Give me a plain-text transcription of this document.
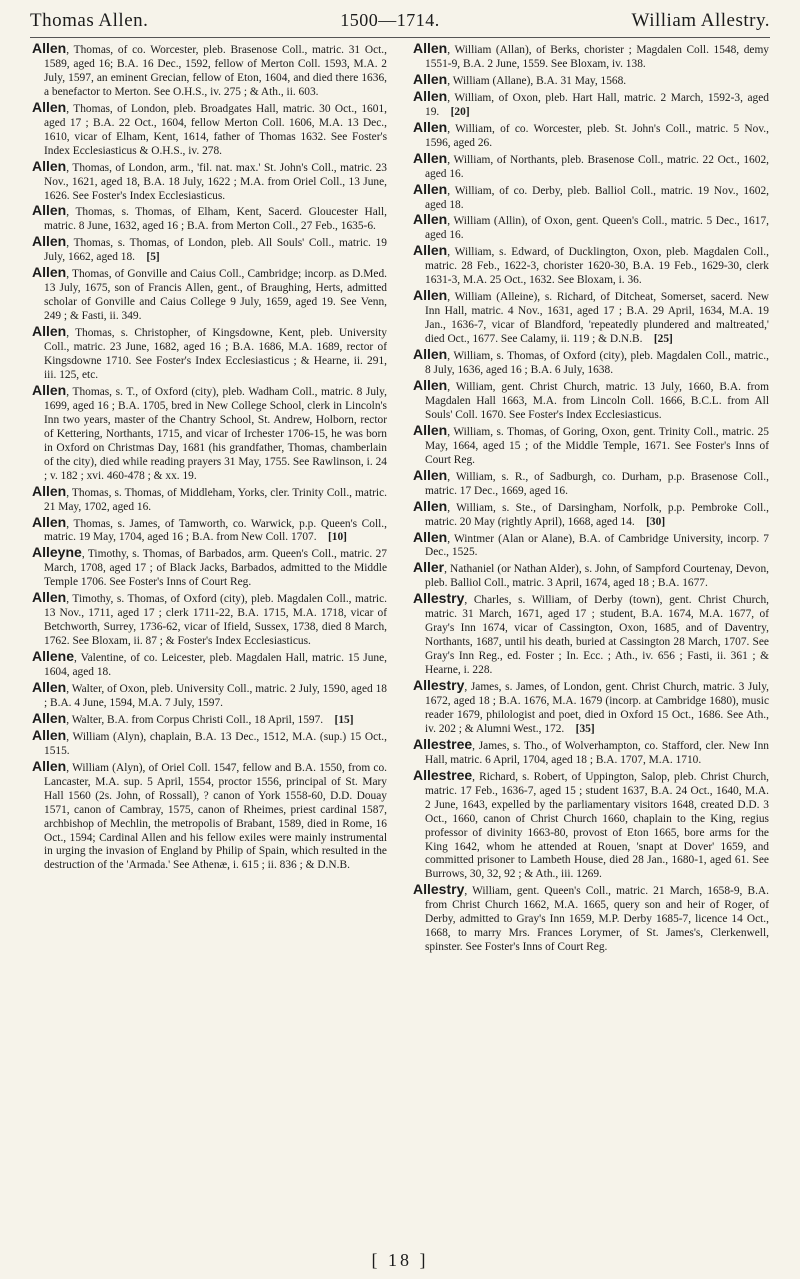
Thomas Allen.	1500—1714.	William Allestry.

Allen, Thomas, of co. Worcester, pleb. Brasenose Coll., matric. 31 Oct., 1589, aged 16; B.A. 16 Dec., 1592, fellow of Merton Coll. 1593, M.A. 2 July, 1597, an eminent Grecian, fellow of Eton, 1604, and died there 1636, a benefactor to Merton. See O.H.S., iv. 275 ; & Ath., ii. 603.

Allen, Thomas, of London, pleb. Broadgates Hall, matric. 30 Oct., 1601, aged 17 ; B.A. 22 Oct., 1604, fellow Merton Coll. 1606, M.A. 13 Dec., 1610, vicar of Elham, Kent, 1614, father of Thomas 1632. See Foster's Index Ecclesiasticus & O.H.S., iv. 278.

Allen, Thomas, of London, arm., 'fil. nat. max.' St. John's Coll., matric. 23 Nov., 1621, aged 18, B.A. 18 July, 1622 ; M.A. from Oriel Coll., 13 June, 1626. See Foster's Index Ecclesiasticus.

Allen, Thomas, s. Thomas, of Elham, Kent, Sacerd. Gloucester Hall, matric. 8 June, 1632, aged 16 ; B.A. from Merton Coll., 27 Feb., 1635-6.

Allen, Thomas, s. Thomas, of London, pleb. All Souls' Coll., matric. 19 July, 1662, aged 18.  [5]

Allen, Thomas, of Gonville and Caius Coll., Cambridge; incorp. as D.Med. 13 July, 1675, son of Francis Allen, gent., of Braughing, Herts, admitted scholar of Gonville and Caius College 9 July, 1659, aged 19. See Venn, 249 ; & Fasti, ii. 349.

Allen, Thomas, s. Christopher, of Kingsdowne, Kent, pleb. University Coll., matric. 23 June, 1682, aged 16 ; B.A. 1686, M.A. 1689, rector of Kingsdowne 1710. See Foster's Index Ecclesiasticus ; & Hearne, ii. 291, iii. 125, etc.

Allen, Thomas, s. T., of Oxford (city), pleb. Wadham Coll., matric. 8 July, 1699, aged 16 ; B.A. 1705, bred in New College School, clerk in Lincoln's Inn two years, master of the Chantry School, St. Andrew, Holborn, rector of Kettering, Northants, 1715, and vicar of Irchester 1706-15, he was born in Oxford on Christmas Day, 1681 (his grandfather, Thomas, chamberlain of the city), died while reading prayers 31 May, 1755. See Rawlinson, i. 24 ; v. 182 ; xvi. 460-478 ; & xx. 19.

Allen, Thomas, s. Thomas, of Middleham, Yorks, cler. Trinity Coll., matric. 21 May, 1702, aged 16.

Allen, Thomas, s. James, of Tamworth, co. Warwick, p.p. Queen's Coll., matric. 19 May, 1704, aged 16 ; B.A. from New Coll. 1707.  [10]

Alleyne, Timothy, s. Thomas, of Barbados, arm. Queen's Coll., matric. 27 March, 1708, aged 17 ; of Black Jacks, Barbados, admitted to the Middle Temple 1706. See Foster's Inns of Court Reg.

Allen, Timothy, s. Thomas, of Oxford (city), pleb. Magdalen Coll., matric. 13 Nov., 1711, aged 17 ; clerk 1711-22, B.A. 1715, M.A. 1718, vicar of Betchworth, Surrey, 1736-62, vicar of Ifield, Sussex, 1738, died 8 March, 1762. See Bloxam, ii. 87 ; & Foster's Index Ecclesiasticus.

Allene, Valentine, of co. Leicester, pleb. Magdalen Hall, matric. 15 June, 1604, aged 18.

Allen, Walter, of Oxon, pleb. University Coll., matric. 2 July, 1590, aged 18 ; B.A. 4 June, 1594, M.A. 7 July, 1597.

Allen, Walter, B.A. from Corpus Christi Coll., 18 April, 1597.  [15]

Allen, William (Alyn), chaplain, B.A. 13 Dec., 1512, M.A. (sup.) 15 Oct., 1515.

Allen, William (Alyn), of Oriel Coll. 1547, fellow and B.A. 1550, from co. Lancaster, M.A. sup. 5 April, 1554, proctor 1556, principal of St. Mary Hall 1560 (2s. John, of Rossall), ? canon of York 1558-60, D.D. Douay 1571, canon of Cambray, 1575, canon of Rheimes, priest cardinal 1587, archbishop of Mechlin, the metropolis of Brabant, 1589, died in Rome, 16 Oct., 1594; Cardinal Allen and his fellow exiles were mainly instrumental in urging the invasion of England by Philip of Spain, which resulted in the destruction of the 'Armada.' See Athenæ, i. 615 ; ii. 836 ; & D.N.B.

Allen, William (Allan), of Berks, chorister ; Magdalen Coll. 1548, demy 1551-9, B.A. 2 June, 1559. See Bloxam, iv. 138.

Allen, William (Allane), B.A. 31 May, 1568.

Allen, William, of Oxon, pleb. Hart Hall, matric. 2 March, 1592-3, aged 19.  [20]

Allen, William, of co. Worcester, pleb. St. John's Coll., matric. 5 Nov., 1596, aged 26.

Allen, William, of Northants, pleb. Brasenose Coll., matric. 22 Oct., 1602, aged 16.

Allen, William, of co. Derby, pleb. Balliol Coll., matric. 19 Nov., 1602, aged 18.

Allen, William (Allin), of Oxon, gent. Queen's Coll., matric. 5 Dec., 1617, aged 16.

Allen, William, s. Edward, of Ducklington, Oxon, pleb. Magdalen Coll., matric. 28 Feb., 1622-3, chorister 1620-30, B.A. 19 Feb., 1629-30, clerk 1631-3, M.A. 25 Oct., 1632. See Bloxam, i. 36.

Allen, William (Alleine), s. Richard, of Ditcheat, Somerset, sacerd. New Inn Hall, matric. 4 Nov., 1631, aged 17 ; B.A. 29 April, 1634, M.A. 19 Jan., 1636-7, vicar of Blandford, 'repeatedly plundered and maltreated,' died Oct., 1677. See Calamy, ii. 119 ; & D.N.B.  [25]

Allen, William, s. Thomas, of Oxford (city), pleb. Magdalen Coll., matric., 8 July, 1636, aged 16 ; B.A. 6 July, 1638.

Allen, William, gent. Christ Church, matric. 13 July, 1660, B.A. from Magdalen Hall 1663, M.A. from Lincoln Coll. 1666, B.C.L. from All Souls' Coll. 1670. See Foster's Index Ecclesiasticus.

Allen, William, s. Thomas, of Goring, Oxon, gent. Trinity Coll., matric. 25 May, 1664, aged 15 ; of the Middle Temple, 1671. See Foster's Inns of Court Reg.

Allen, William, s. R., of Sadburgh, co. Durham, p.p. Brasenose Coll., matric. 17 Dec., 1669, aged 16.

Allen, William, s. Ste., of Darsingham, Norfolk, p.p. Pembroke Coll., matric. 20 May (rightly April), 1668, aged 14.  [30]

Allen, Wintmer (Alan or Alane), B.A. of Cambridge University, incorp. 7 Dec., 1525.

Aller, Nathaniel (or Nathan Alder), s. John, of Sampford Courtenay, Devon, pleb. Balliol Coll., matric. 3 April, 1674, aged 18 ; B.A. 1677.

Allestry, Charles, s. William, of Derby (town), gent. Christ Church, matric. 31 March, 1671, aged 17 ; student, B.A. 1674, M.A. 1677, of Gray's Inn 1674, vicar of Cassington, Oxon, 1685, and of Daventry, Northants, 1687, until his death, buried at Cassington 28 March, 1707. See Gray's Inn Reg., ed. Foster ; In. Ecc. ; Ath., iv. 656 ; Fasti, ii. 361 ; & Hearne, i. 228.

Allestry, James, s. James, of London, gent. Christ Church, matric. 3 July, 1672, aged 18 ; B.A. 1676, M.A. 1679 (incorp. at Cambridge 1680), music reader 1679, philologist and poet, died in Oxford 15 Oct., 1686. See Ath., iv. 202 ; & Alumni West., 172.  [35]

Allestree, James, s. Tho., of Wolverhampton, co. Stafford, cler. New Inn Hall, matric. 6 April, 1704, aged 18 ; B.A. 1707, M.A. 1710.

Allestree, Richard, s. Robert, of Uppington, Salop, pleb. Christ Church, matric. 17 Feb., 1636-7, aged 15 ; student 1637, B.A. 24 Oct., 1640, M.A. 2 June, 1643, expelled by the parliamentary visitors 1648, created D.D. 3 Oct., 1660, canon of Christ Church 1660, chaplain to the King, regius professor of divinity 1663-80, provost of Eton 1665, bore arms for the King 1642, whom he attended at Rouen, 'snapt at Dover' 1659, and committed prisoner to Lambeth House, died 28 Jan., 1680-1, aged 61. See Burrows, 30, 32, 92 ; & Ath., iii. 1269.

Allestry, William, gent. Queen's Coll., matric. 21 March, 1658-9, B.A. from Christ Church 1662, M.A. 1665, query son and heir of Roger, of Derby, admitted to Gray's Inn 1659, M.P. Derby 1685-7, licence 14 Oct., 1668, to marry Mrs. Frances Lorymer, of St. James's, Clerkenwell, spinster. See Foster's Inns of Court Reg.

[ 18 ]
